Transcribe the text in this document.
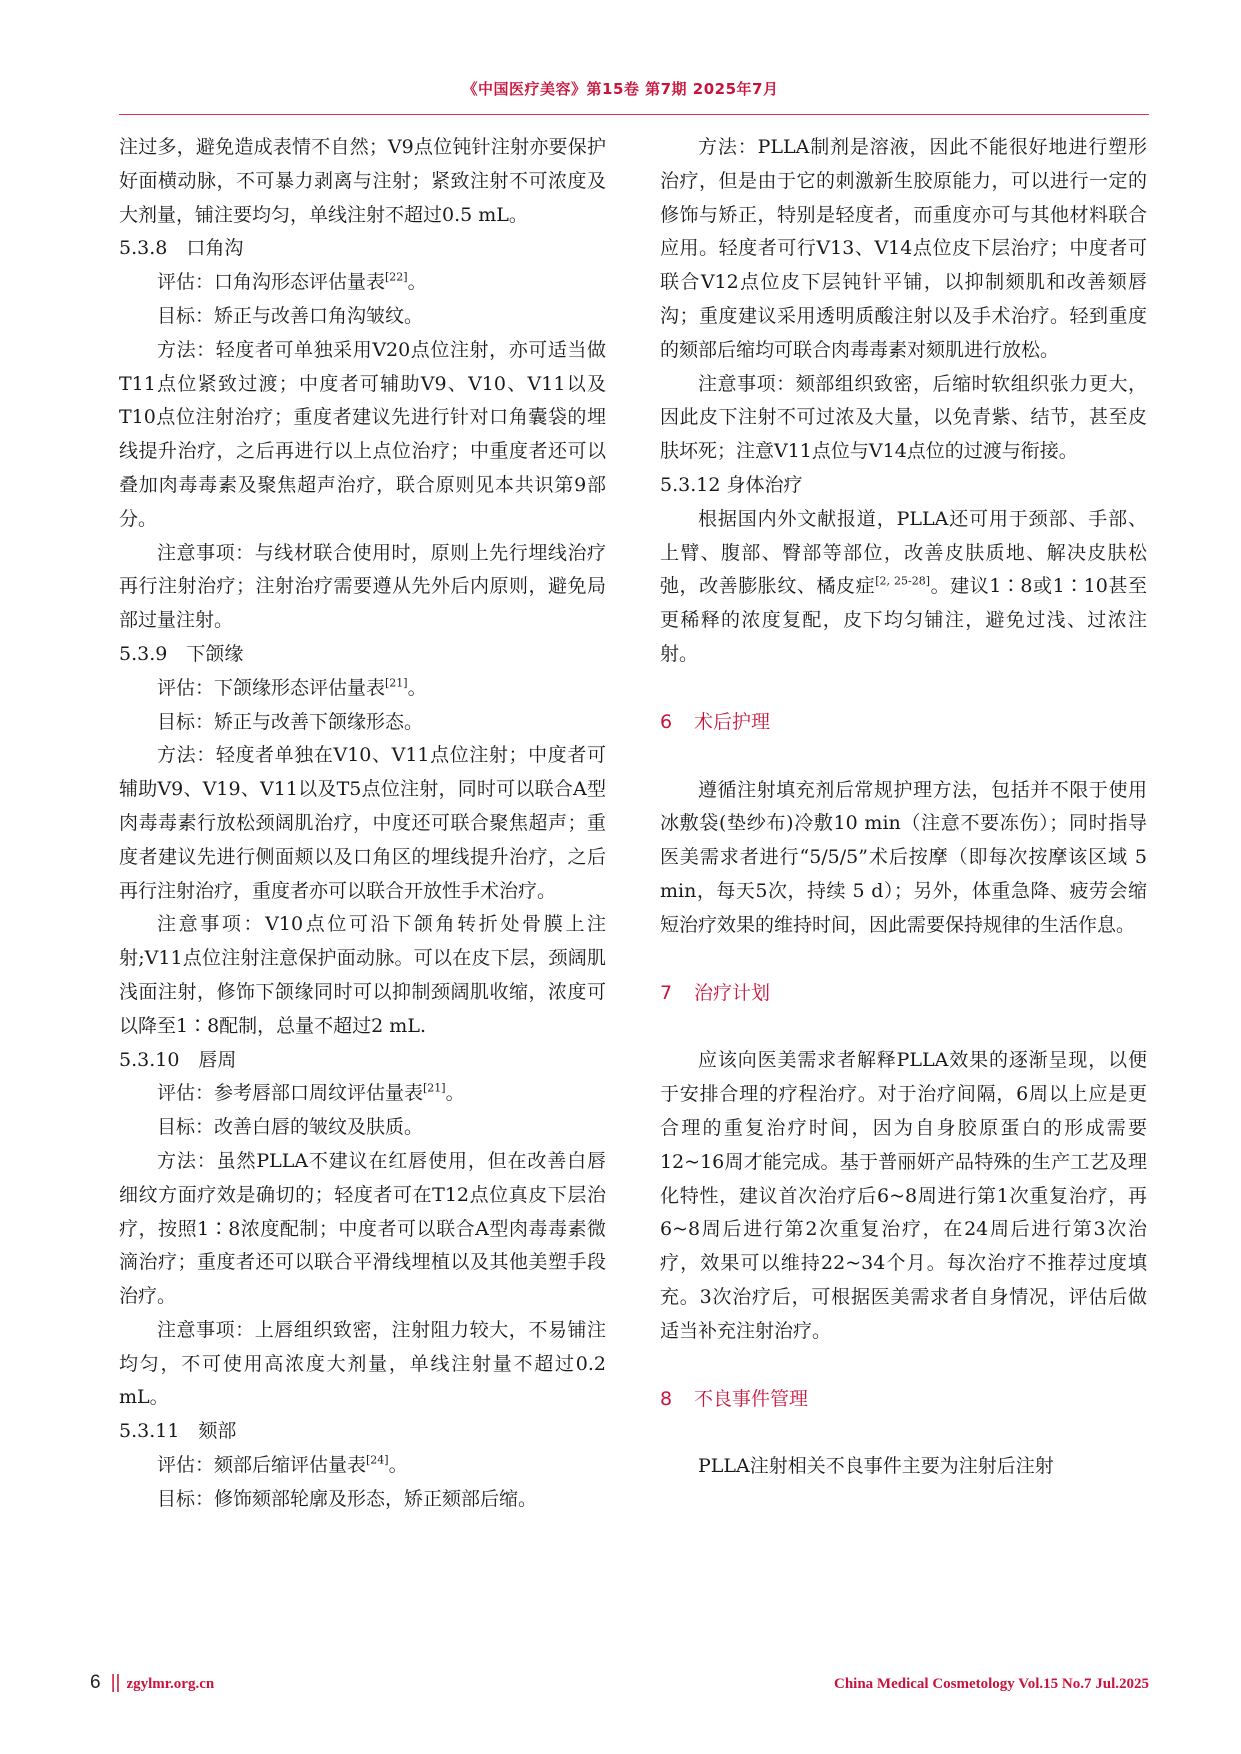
《中国医疗美容》第15卷 第7期 2025年7月

注过多，避免造成表情不自然；V9点位钝针注射亦要保护好面横动脉，不可暴力剥离与注射；紧致注射不可浓度及大剂量，铺注要均匀，单线注射不超过0.5 mL。

5.3.8　口角沟

评估：口角沟形态评估量表[22]。

目标：矫正与改善口角沟皱纹。

方法：轻度者可单独采用V20点位注射，亦可适当做T11点位紧致过渡；中度者可辅助V9、V10、V11以及T10点位注射治疗；重度者建议先进行针对口角囊袋的埋线提升治疗，之后再进行以上点位治疗；中重度者还可以叠加肉毒毒素及聚焦超声治疗，联合原则见本共识第9部分。

注意事项：与线材联合使用时，原则上先行埋线治疗再行注射治疗；注射治疗需要遵从先外后内原则，避免局部过量注射。

5.3.9　下颌缘

评估：下颌缘形态评估量表[21]。

目标：矫正与改善下颌缘形态。

方法：轻度者单独在V10、V11点位注射；中度者可辅助V9、V19、V11以及T5点位注射，同时可以联合A型肉毒毒素行放松颈阔肌治疗，中度还可联合聚焦超声；重度者建议先进行侧面颊以及口角区的埋线提升治疗，之后再行注射治疗，重度者亦可以联合开放性手术治疗。

注意事项：V10点位可沿下颌角转折处骨膜上注射;V11点位注射注意保护面动脉。可以在皮下层，颈阔肌浅面注射，修饰下颌缘同时可以抑制颈阔肌收缩，浓度可以降至1∶8配制，总量不超过2 mL.

5.3.10　唇周

评估：参考唇部口周纹评估量表[21]。

目标：改善白唇的皱纹及肤质。

方法：虽然PLLA不建议在红唇使用，但在改善白唇细纹方面疗效是确切的；轻度者可在T12点位真皮下层治疗，按照1∶8浓度配制；中度者可以联合A型肉毒毒素微滴治疗；重度者还可以联合平滑线埋植以及其他美塑手段治疗。

注意事项：上唇组织致密，注射阻力较大，不易铺注均匀，不可使用高浓度大剂量，单线注射量不超过0.2 mL。

5.3.11　颏部

评估：颏部后缩评估量表[24]。

目标：修饰颏部轮廓及形态，矫正颏部后缩。

方法：PLLA制剂是溶液，因此不能很好地进行塑形治疗，但是由于它的刺激新生胶原能力，可以进行一定的修饰与矫正，特别是轻度者，而重度亦可与其他材料联合应用。轻度者可行V13、V14点位皮下层治疗；中度者可联合V12点位皮下层钝针平铺，以抑制颏肌和改善颏唇沟；重度建议采用透明质酸注射以及手术治疗。轻到重度的颏部后缩均可联合肉毒毒素对颏肌进行放松。

注意事项：颏部组织致密，后缩时软组织张力更大，因此皮下注射不可过浓及大量，以免青紫、结节，甚至皮肤坏死；注意V11点位与V14点位的过渡与衔接。

5.3.12 身体治疗

根据国内外文献报道，PLLA还可用于颈部、手部、上臂、腹部、臀部等部位，改善皮肤质地、解决皮肤松弛，改善膨胀纹、橘皮症[2, 25-28]。建议1∶8或1∶10甚至更稀释的浓度复配，皮下均匀铺注，避免过浅、过浓注射。

6 术后护理

遵循注射填充剂后常规护理方法，包括并不限于使用冰敷袋(垫纱布)冷敷10 min（注意不要冻伤）；同时指导医美需求者进行“5/5/5”术后按摩（即每次按摩该区域 5 min，每天5次，持续 5 d）；另外，体重急降、疲劳会缩短治疗效果的维持时间，因此需要保持规律的生活作息。

7 治疗计划

应该向医美需求者解释PLLA效果的逐渐呈现，以便于安排合理的疗程治疗。对于治疗间隔，6周以上应是更合理的重复治疗时间，因为自身胶原蛋白的形成需要12~16周才能完成。基于普丽妍产品特殊的生产工艺及理化特性，建议首次治疗后6~8周进行第1次重复治疗，再6~8周后进行第2次重复治疗，在24周后进行第3次治疗，效果可以维持22~34个月。每次治疗不推荐过度填充。3次治疗后，可根据医美需求者自身情况，评估后做适当补充注射治疗。

8 不良事件管理

PLLA注射相关不良事件主要为注射后注射

6 || zgylmr.org.cn	China Medical Cosmetology Vol.15 No.7 Jul.2025
